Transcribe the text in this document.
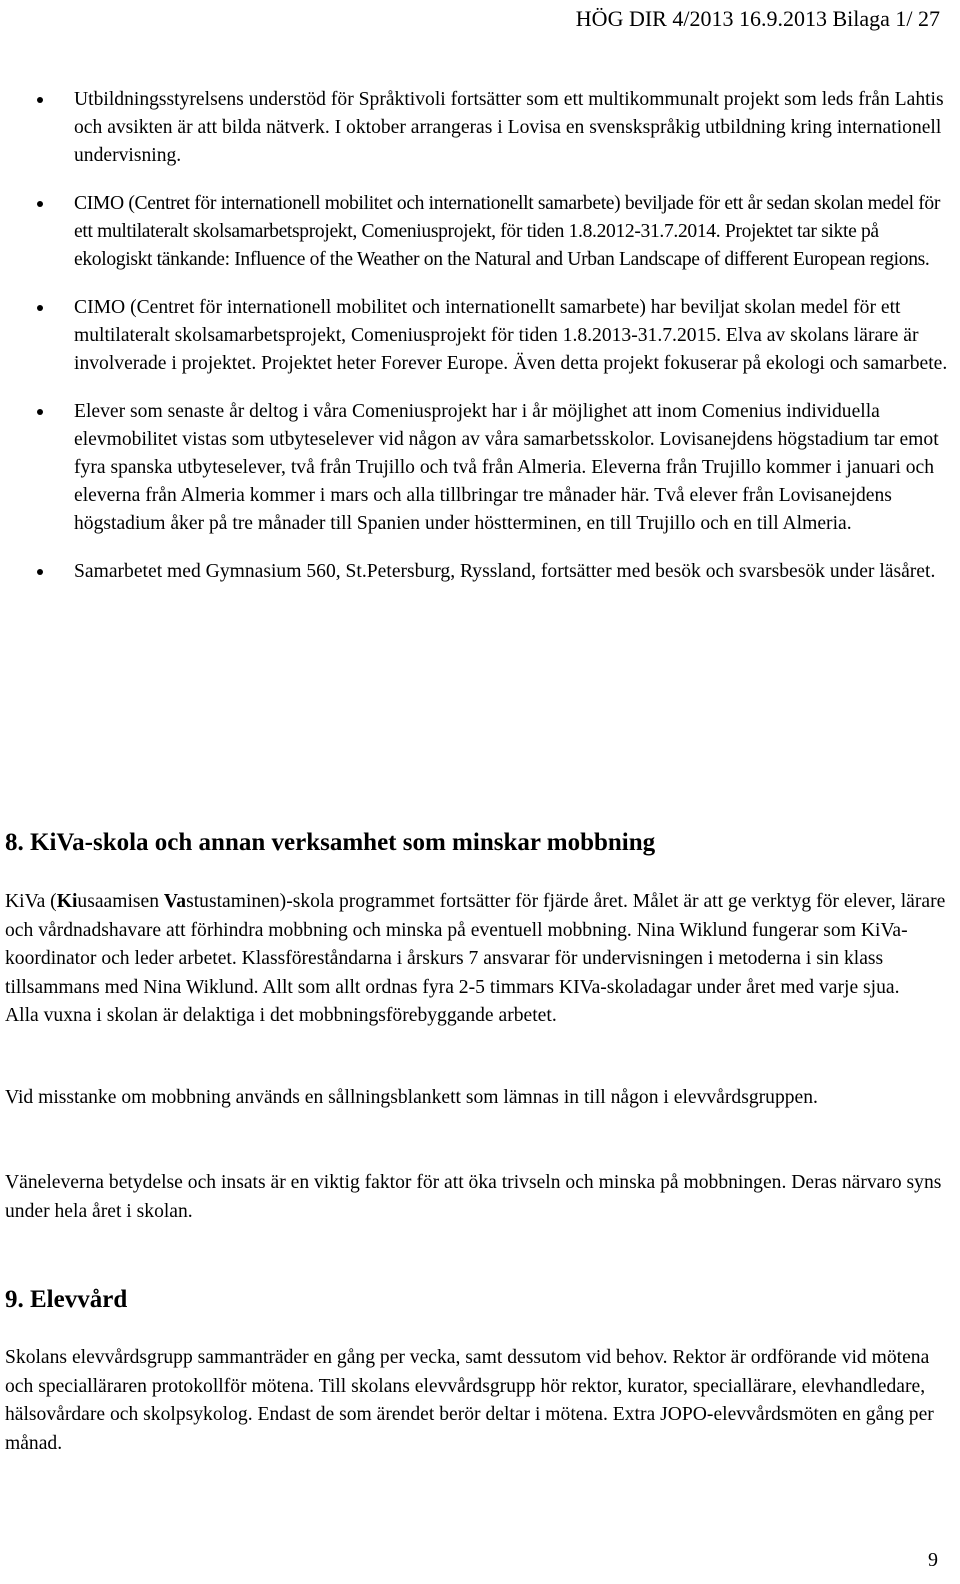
HÖG DIR 4/2013 16.9.2013 Bilaga 1/ 27
Utbildningsstyrelsens understöd för Språktivoli fortsätter som ett multikommunalt projekt som leds från Lahtis och avsikten är att bilda nätverk. I oktober arrangeras i Lovisa en svenskspråkig utbildning kring internationell undervisning.
CIMO (Centret för internationell mobilitet och internationellt samarbete) beviljade för ett år sedan skolan medel för ett multilateralt skolsamarbetsprojekt, Comeniusprojekt, för tiden 1.8.2012-31.7.2014. Projektet tar sikte på ekologiskt tänkande: Influence of the Weather on the Natural and Urban Landscape of different European regions.
CIMO (Centret för internationell mobilitet och internationellt samarbete) har beviljat skolan medel för ett multilateralt skolsamarbetsprojekt, Comeniusprojekt för tiden 1.8.2013-31.7.2015. Elva av skolans lärare är involverade i projektet. Projektet heter Forever Europe. Även detta projekt fokuserar på ekologi och samarbete.
Elever som senaste år deltog i våra Comeniusprojekt har i år möjlighet att inom Comenius individuella elevmobilitet vistas som utbyteselever vid någon av våra samarbetsskolor. Lovisanejdens högstadium tar emot fyra spanska utbyteselever, två från Trujillo och två från Almeria. Eleverna från Trujillo kommer i januari och eleverna från Almeria kommer i mars och alla tillbringar tre månader här. Två elever från Lovisanejdens högstadium åker på tre månader till Spanien under höstterminen, en till Trujillo och en till Almeria.
Samarbetet med Gymnasium 560, St.Petersburg, Ryssland, fortsätter med besök och svarsbesök under läsåret.
8. KiVa-skola och annan verksamhet som minskar mobbning

KiVa (Kiusaamisen Vastustaminen)-skola programmet fortsätter för fjärde året. Målet är att ge verktyg för elever, lärare och vårdnadshavare att förhindra mobbning och minska på eventuell mobbning. Nina Wiklund fungerar som KiVa-koordinator och leder arbetet. Klassföreståndarna i årskurs 7 ansvarar för undervisningen i metoderna i sin klass tillsammans med Nina Wiklund. Allt som allt ordnas fyra 2-5 timmars KIVa-skoladagar under året med varje sjua.
Alla vuxna i skolan är delaktiga i det mobbningsförebyggande arbetet.

Vid misstanke om mobbning används en sållningsblankett som lämnas in till någon i elevvårdsgruppen.

Väneleverna betydelse och insats är en viktig faktor för att öka trivseln och minska på mobbningen. Deras närvaro syns under hela året i skolan.

9. Elevvård

Skolans elevvårdsgrupp sammanträder en gång per vecka, samt dessutom vid behov. Rektor är ordförande vid mötena och specialläraren protokollför mötena. Till skolans elevvårdsgrupp hör rektor, kurator, speciallärare, elevhandledare, hälsovårdare och skolpsykolog. Endast de som ärendet berör deltar i mötena. Extra JOPO-elevvårdsmöten en gång per månad.

9
